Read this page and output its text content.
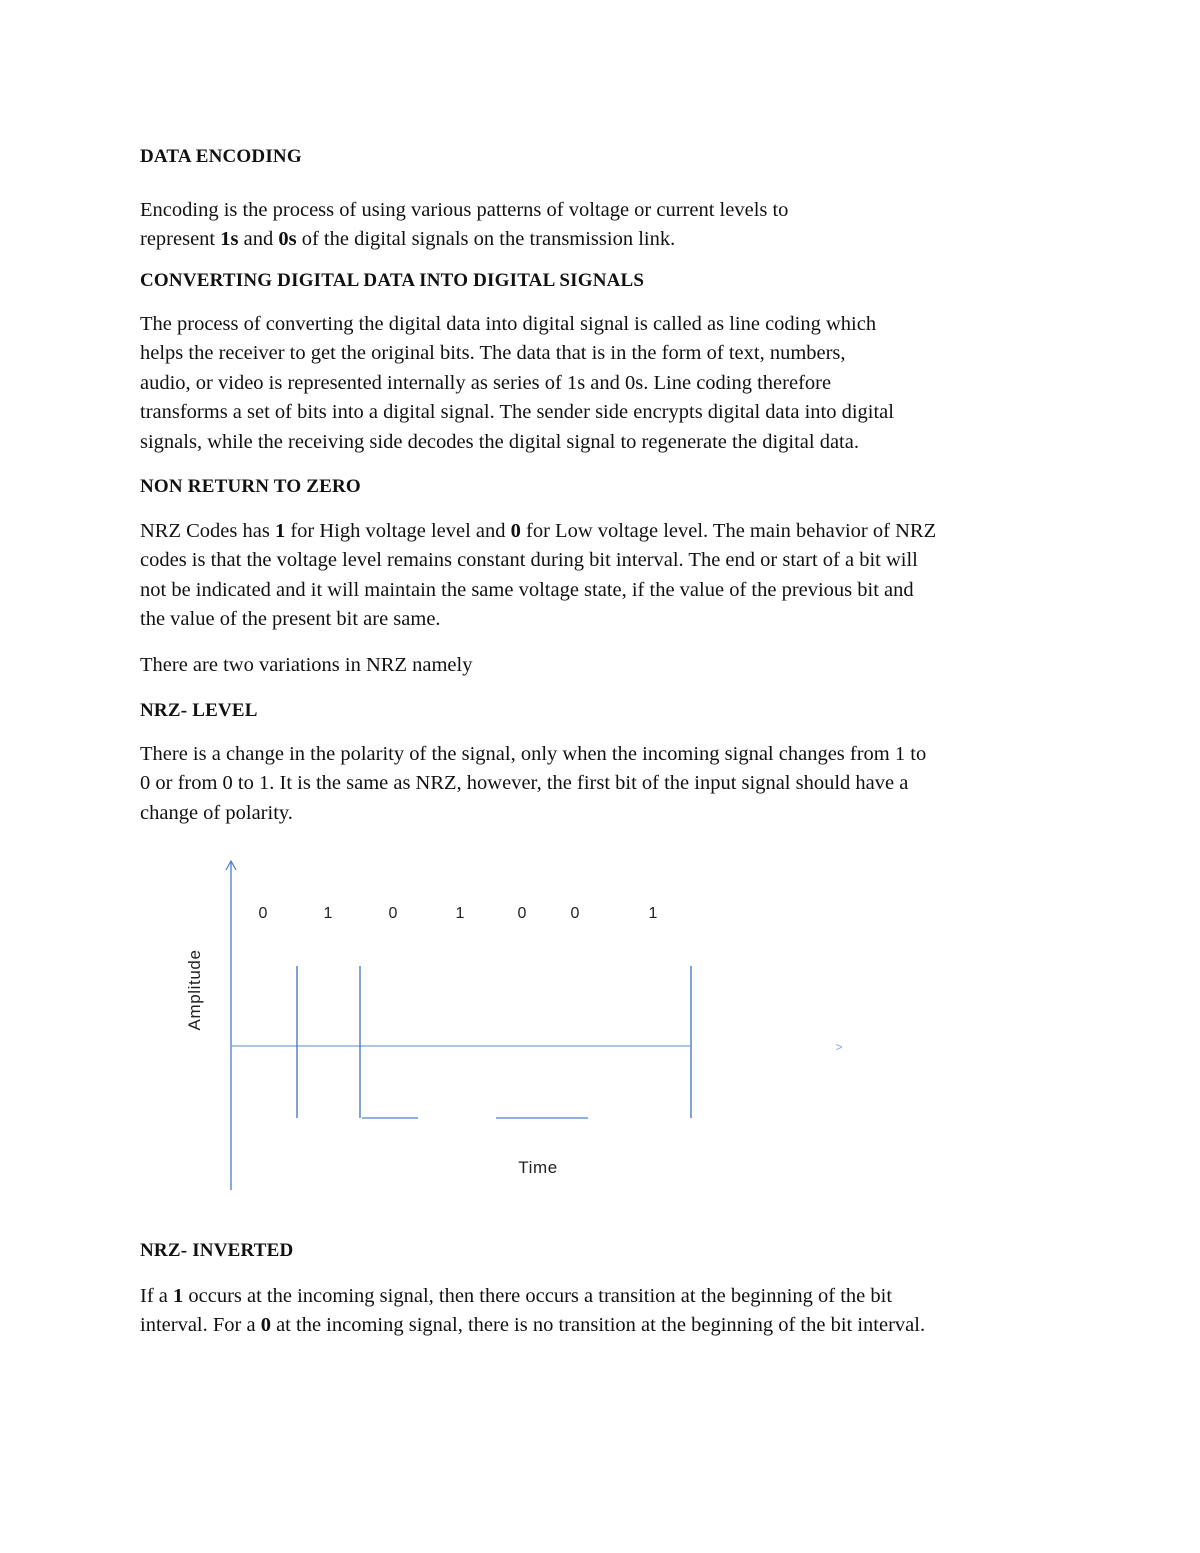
DATA ENCODING
Encoding is the process of using various patterns of voltage or current levels to
represent 1s and 0s of the digital signals on the transmission link.
CONVERTING DIGITAL DATA INTO DIGITAL SIGNALS
The process of converting the digital data into digital signal is called as line coding which
helps the receiver to get the original bits. The data that is in the form of text, numbers,
audio, or video is represented internally as series of 1s and 0s. Line coding therefore
transforms a set of bits into a digital signal. The sender side encrypts digital data into digital
signals, while the receiving side decodes the digital signal to regenerate the digital data.
NON RETURN TO ZERO
NRZ Codes has 1 for High voltage level and 0 for Low voltage level. The main behavior of NRZ
codes is that the voltage level remains constant during bit interval. The end or start of a bit will
not be indicated and it will maintain the same voltage state, if the value of the previous bit and
the value of the present bit are same.
There are two variations in NRZ namely
NRZ- LEVEL
There is a change in the polarity of the signal, only when the incoming signal changes from 1 to
0 or from 0 to 1. It is the same as NRZ, however, the first bit of the input signal should have a
change of polarity.
0	1	0	1	0	0	1
Amplitude
Time
>
NRZ- INVERTED
If a 1 occurs at the incoming signal, then there occurs a transition at the beginning of the bit
interval. For a 0 at the incoming signal, there is no transition at the beginning of the bit interval.
